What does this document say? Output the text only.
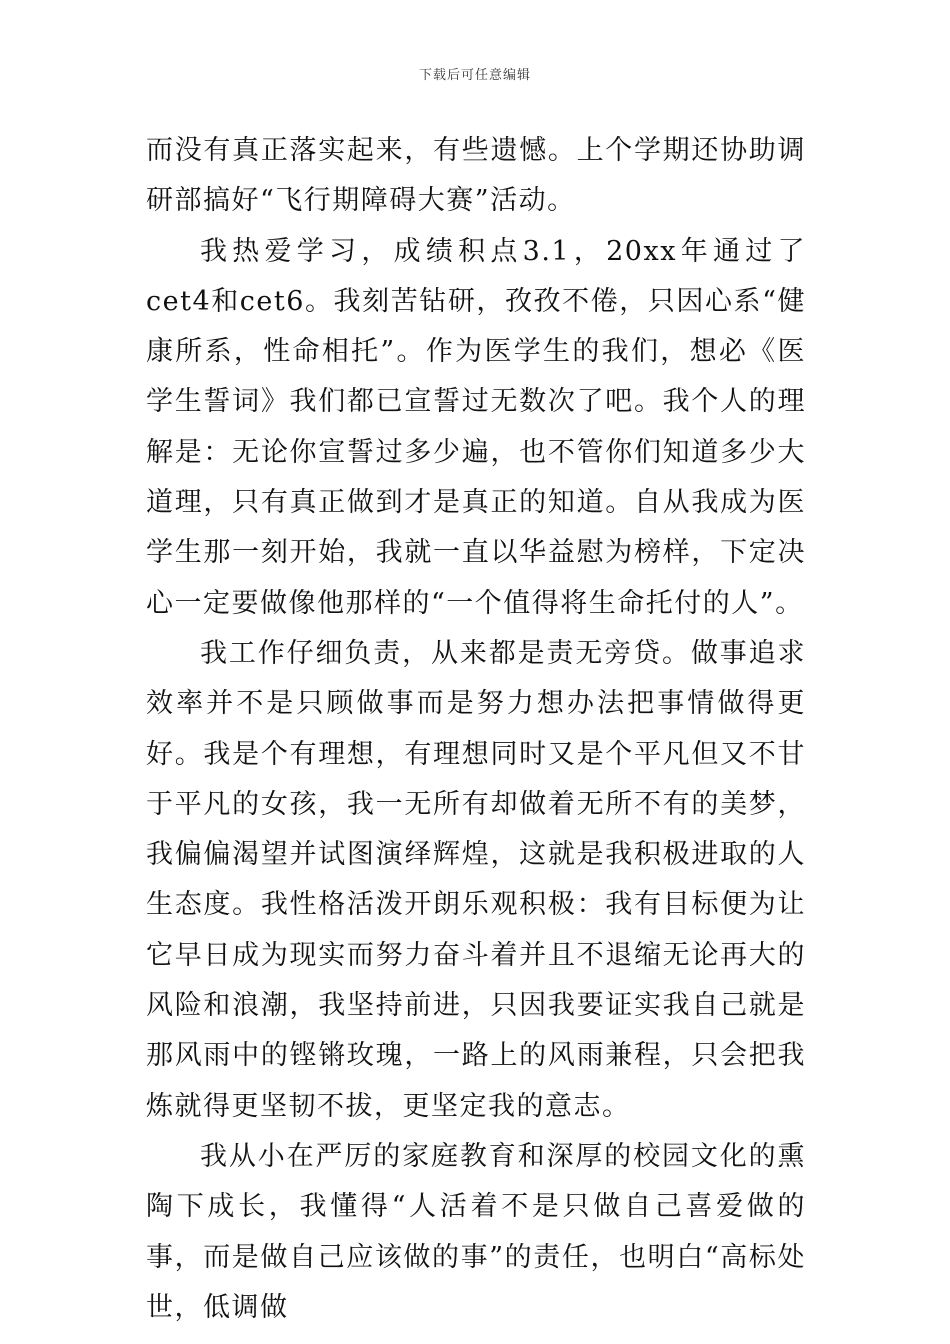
下载后可任意编辑

而没有真正落实起来，有些遗憾。上个学期还协助调研部搞好“飞行期障碍大赛”活动。

我热爱学习，成绩积点3.1，20xx年通过了cet4和cet6。我刻苦钻研，孜孜不倦，只因心系“健康所系，性命相托”。作为医学生的我们，想必《医学生誓词》我们都已宣誓过无数次了吧。我个人的理解是：无论你宣誓过多少遍，也不管你们知道多少大道理，只有真正做到才是真正的知道。自从我成为医学生那一刻开始，我就一直以华益慰为榜样，下定决心一定要做像他那样的“一个值得将生命托付的人”。

我工作仔细负责，从来都是责无旁贷。做事追求效率并不是只顾做事而是努力想办法把事情做得更好。我是个有理想，有理想同时又是个平凡但又不甘于平凡的女孩，我一无所有却做着无所不有的美梦，我偏偏渴望并试图演绎辉煌，这就是我积极进取的人生态度。我性格活泼开朗乐观积极：我有目标便为让它早日成为现实而努力奋斗着并且不退缩无论再大的风险和浪潮，我坚持前进，只因我要证实我自己就是那风雨中的铿锵玫瑰，一路上的风雨兼程，只会把我炼就得更坚韧不拔，更坚定我的意志。

我从小在严厉的家庭教育和深厚的校园文化的熏陶下成长，我懂得“人活着不是只做自己喜爱做的事，而是做自己应该做的事”的责任，也明白“高标处世，低调做
